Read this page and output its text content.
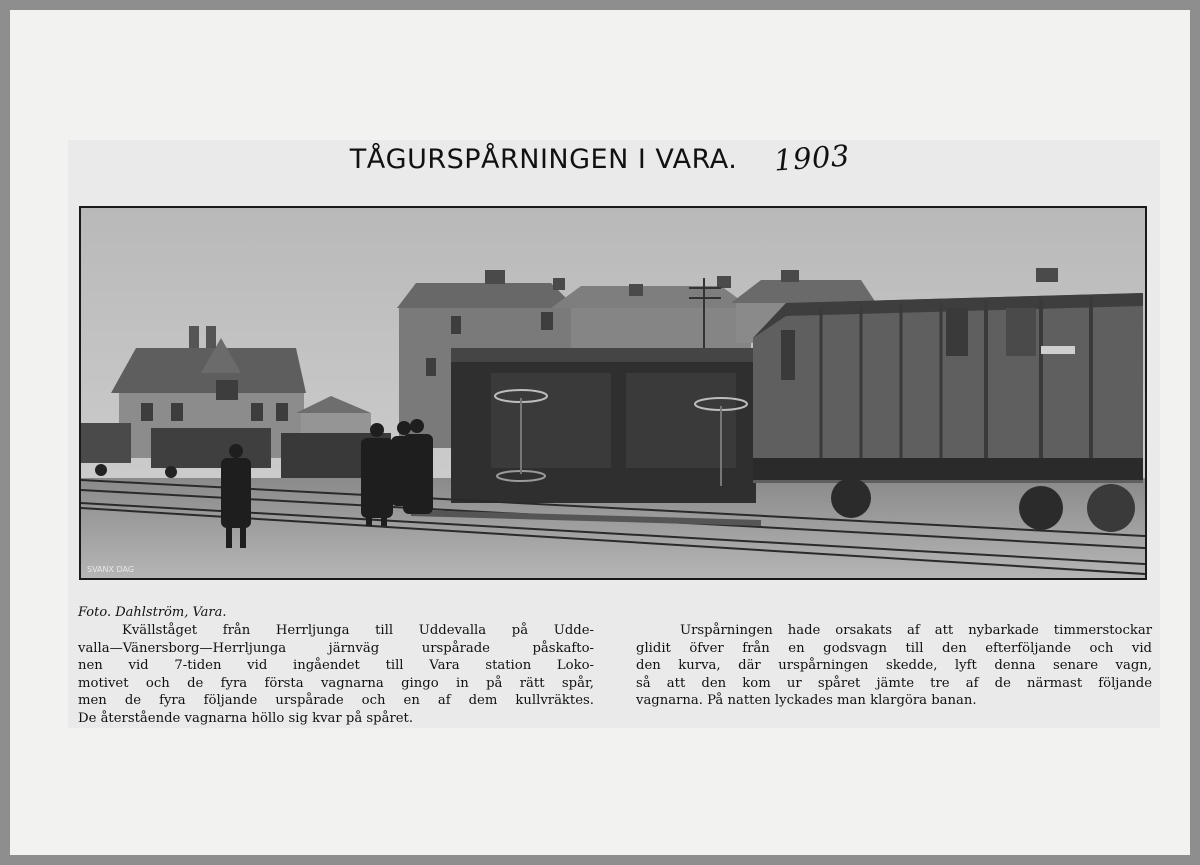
TÅGURSPÅRNINGEN I VARA. 1903
SVANX DAG
Foto. Dahlström, Vara.
Kvällståget från Herrljunga till Uddevalla på Udde-
valla—Vänersborg—Herrljunga järnväg urspårade påskafto-
nen vid 7-tiden vid ingåendet till Vara station Loko-
motivet och de fyra första vagnarna gingo in på rätt spår,
men de fyra följande urspårade och en af dem kullvräktes.
De återstående vagnarna höllo sig kvar på spåret.
Urspårningen hade orsakats af att nybarkade timmerstockar
glidit öfver från en godsvagn till den efterföljande och vid
den kurva, där urspårningen skedde, lyft denna senare vagn,
så att den kom ur spåret jämte tre af de närmast följande
vagnarna. På natten lyckades man klargöra banan.
